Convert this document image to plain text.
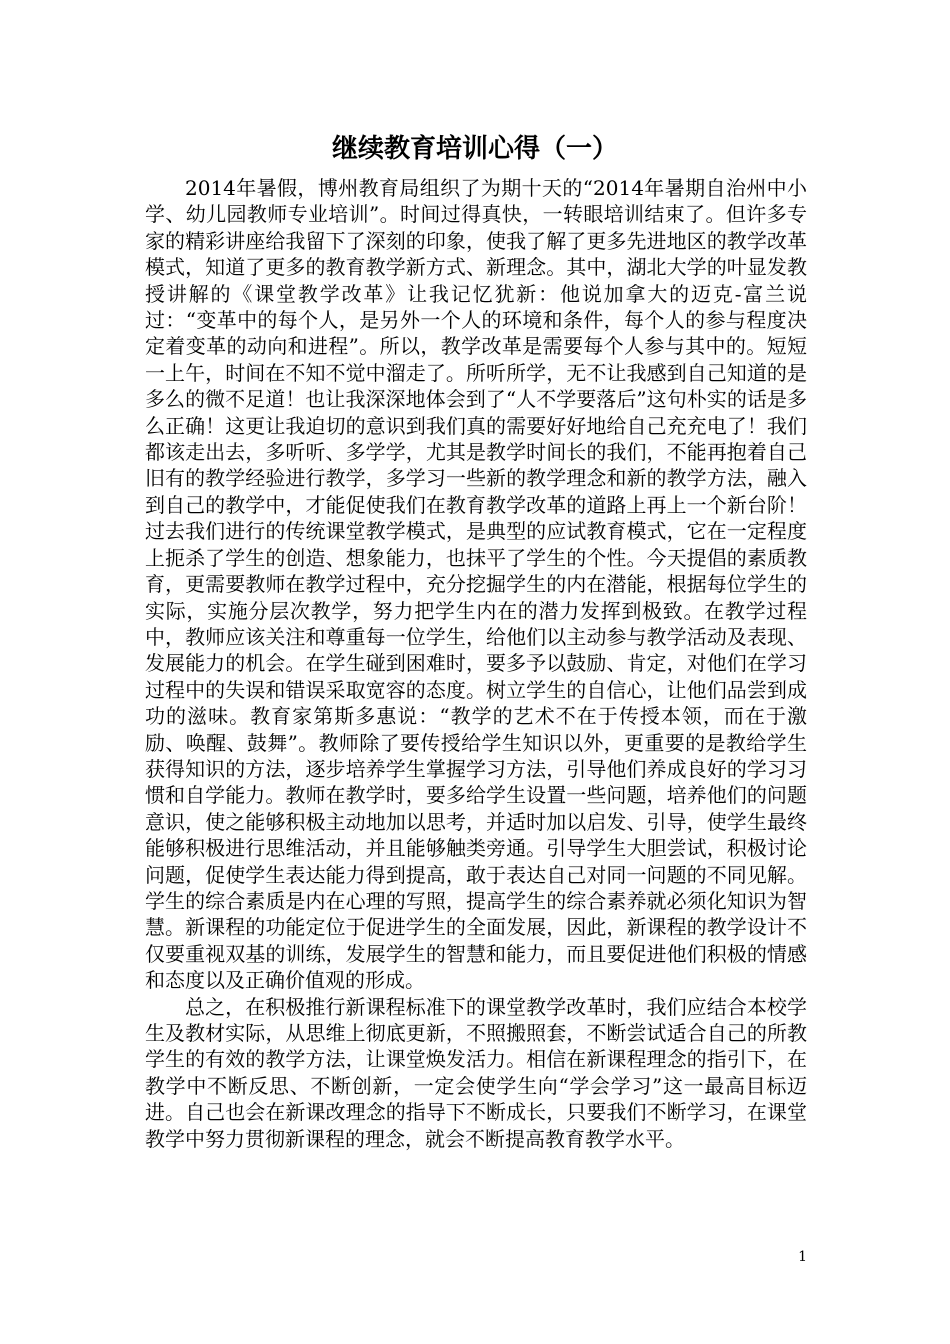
继续教育培训心得（一）

2014年暑假，博州教育局组织了为期十天的“2014年暑期自治州中小学、幼儿园教师专业培训”。时间过得真快，一转眼培训结束了。但许多专家的精彩讲座给我留下了深刻的印象，使我了解了更多先进地区的教学改革模式，知道了更多的教育教学新方式、新理念。其中，湖北大学的叶显发教授讲解的《课堂教学改革》让我记忆犹新：他说加拿大的迈克-富兰说过：“变革中的每个人，是另外一个人的环境和条件，每个人的参与程度决定着变革的动向和进程”。所以，教学改革是需要每个人参与其中的。短短一上午，时间在不知不觉中溜走了。所听所学，无不让我感到自己知道的是多么的微不足道！也让我深深地体会到了“人不学要落后”这句朴实的话是多么正确！这更让我迫切的意识到我们真的需要好好地给自己充充电了！我们都该走出去，多听听、多学学，尤其是教学时间长的我们，不能再抱着自己旧有的教学经验进行教学，多学习一些新的教学理念和新的教学方法，融入到自己的教学中，才能促使我们在教育教学改革的道路上再上一个新台阶！过去我们进行的传统课堂教学模式，是典型的应试教育模式，它在一定程度上扼杀了学生的创造、想象能力，也抹平了学生的个性。今天提倡的素质教育，更需要教师在教学过程中，充分挖掘学生的内在潜能，根据每位学生的实际，实施分层次教学，努力把学生内在的潜力发挥到极致。在教学过程中，教师应该关注和尊重每一位学生，给他们以主动参与教学活动及表现、发展能力的机会。在学生碰到困难时，要多予以鼓励、肯定，对他们在学习过程中的失误和错误采取宽容的态度。树立学生的自信心，让他们品尝到成功的滋味。教育家第斯多惠说：“教学的艺术不在于传授本领，而在于激励、唤醒、鼓舞”。教师除了要传授给学生知识以外，更重要的是教给学生获得知识的方法，逐步培养学生掌握学习方法，引导他们养成良好的学习习惯和自学能力。教师在教学时，要多给学生设置一些问题，培养他们的问题意识，使之能够积极主动地加以思考，并适时加以启发、引导，使学生最终能够积极进行思维活动，并且能够触类旁通。引导学生大胆尝试，积极讨论问题，促使学生表达能力得到提高，敢于表达自己对同一问题的不同见解。学生的综合素质是内在心理的写照，提高学生的综合素养就必须化知识为智慧。新课程的功能定位于促进学生的全面发展，因此，新课程的教学设计不仅要重视双基的训练，发展学生的智慧和能力，而且要促进他们积极的情感和态度以及正确价值观的形成。

总之，在积极推行新课程标准下的课堂教学改革时，我们应结合本校学生及教材实际，从思维上彻底更新，不照搬照套，不断尝试适合自己的所教学生的有效的教学方法，让课堂焕发活力。相信在新课程理念的指引下，在教学中不断反思、不断创新，一定会使学生向“学会学习”这一最高目标迈进。自己也会在新课改理念的指导下不断成长，只要我们不断学习，在课堂教学中努力贯彻新课程的理念，就会不断提高教育教学水平。

1
